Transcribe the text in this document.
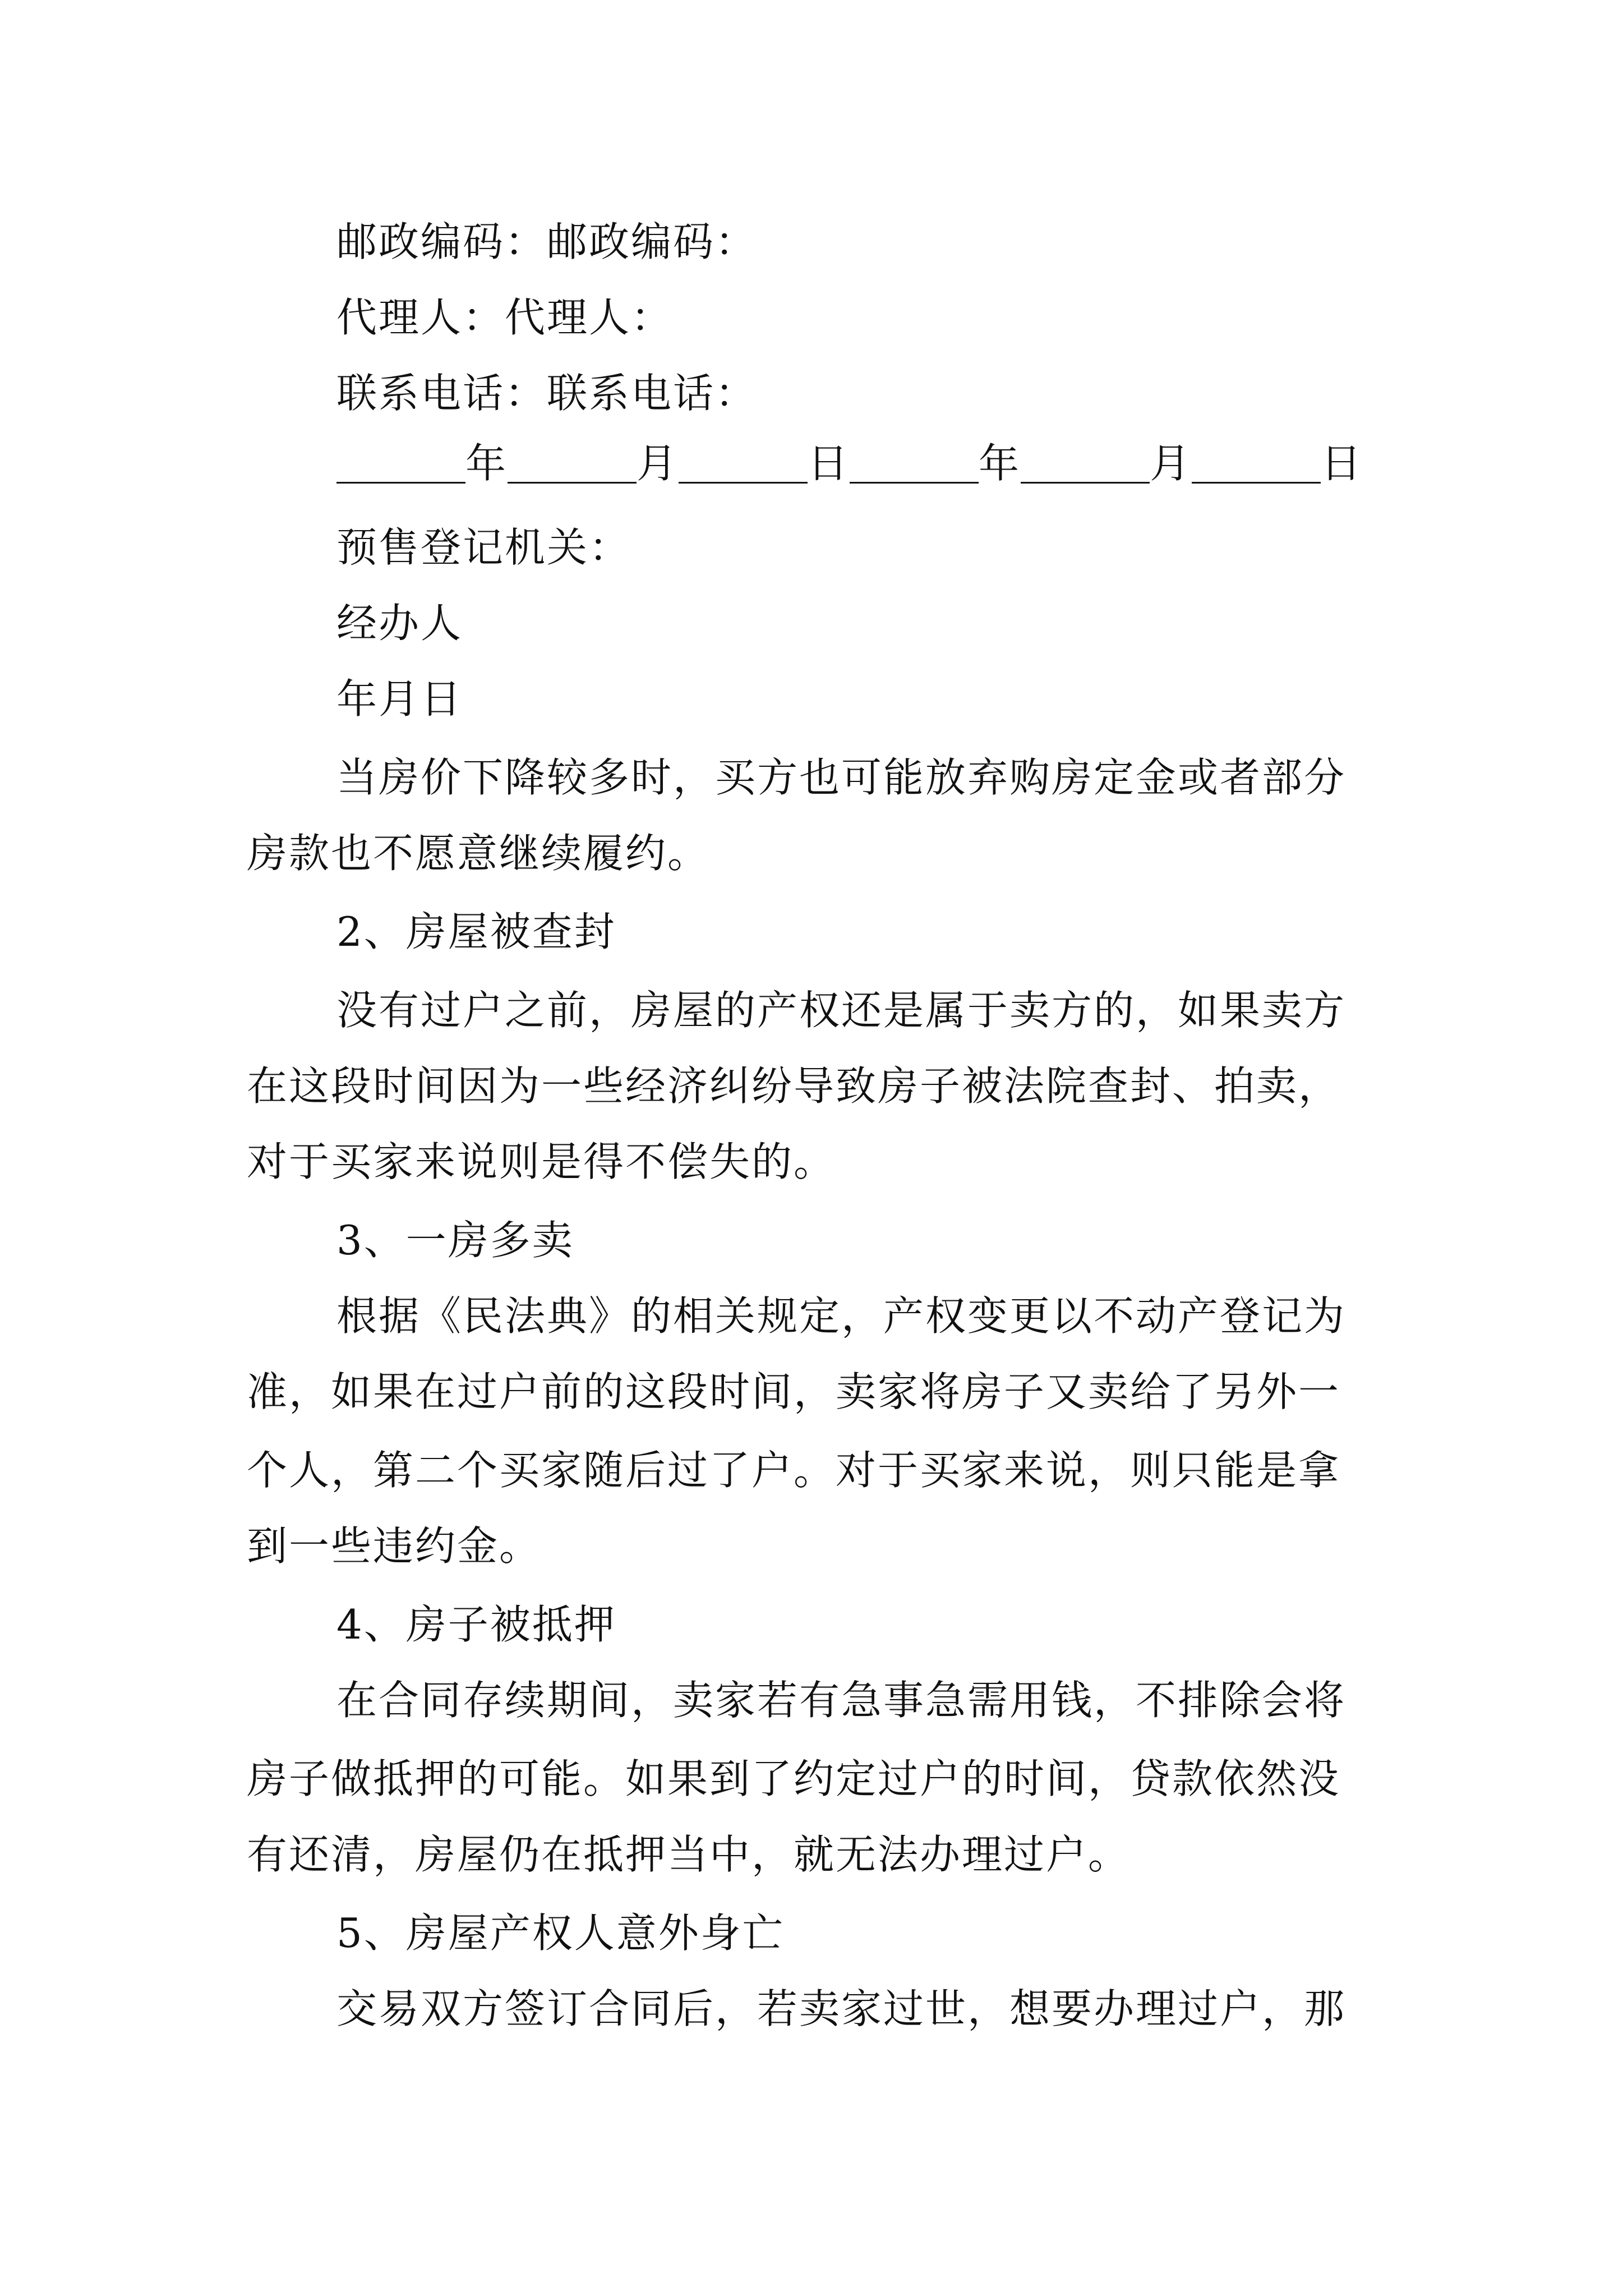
邮政编码：邮政编码：
代理人：代理人：
联系电话：联系电话：
年	月	日	年	月	日
预售登记机关：
经办人
年月日
当房价下降较多时，买方也可能放弃购房定金或者部分
房款也不愿意继续履约。
2、房屋被查封
没有过户之前，房屋的产权还是属于卖方的，如果卖方
在这段时间因为一些经济纠纷导致房子被法院查封、拍卖，
对于买家来说则是得不偿失的。
3、一房多卖
根据《民法典》的相关规定，产权变更以不动产登记为
准，如果在过户前的这段时间，卖家将房子又卖给了另外一
个人，第二个买家随后过了户。对于买家来说，则只能是拿
到一些违约金。
4、房子被抵押
在合同存续期间，卖家若有急事急需用钱，不排除会将
房子做抵押的可能。如果到了约定过户的时间，贷款依然没
有还清，房屋仍在抵押当中，就无法办理过户。
5、房屋产权人意外身亡
交易双方签订合同后，若卖家过世，想要办理过户，那
